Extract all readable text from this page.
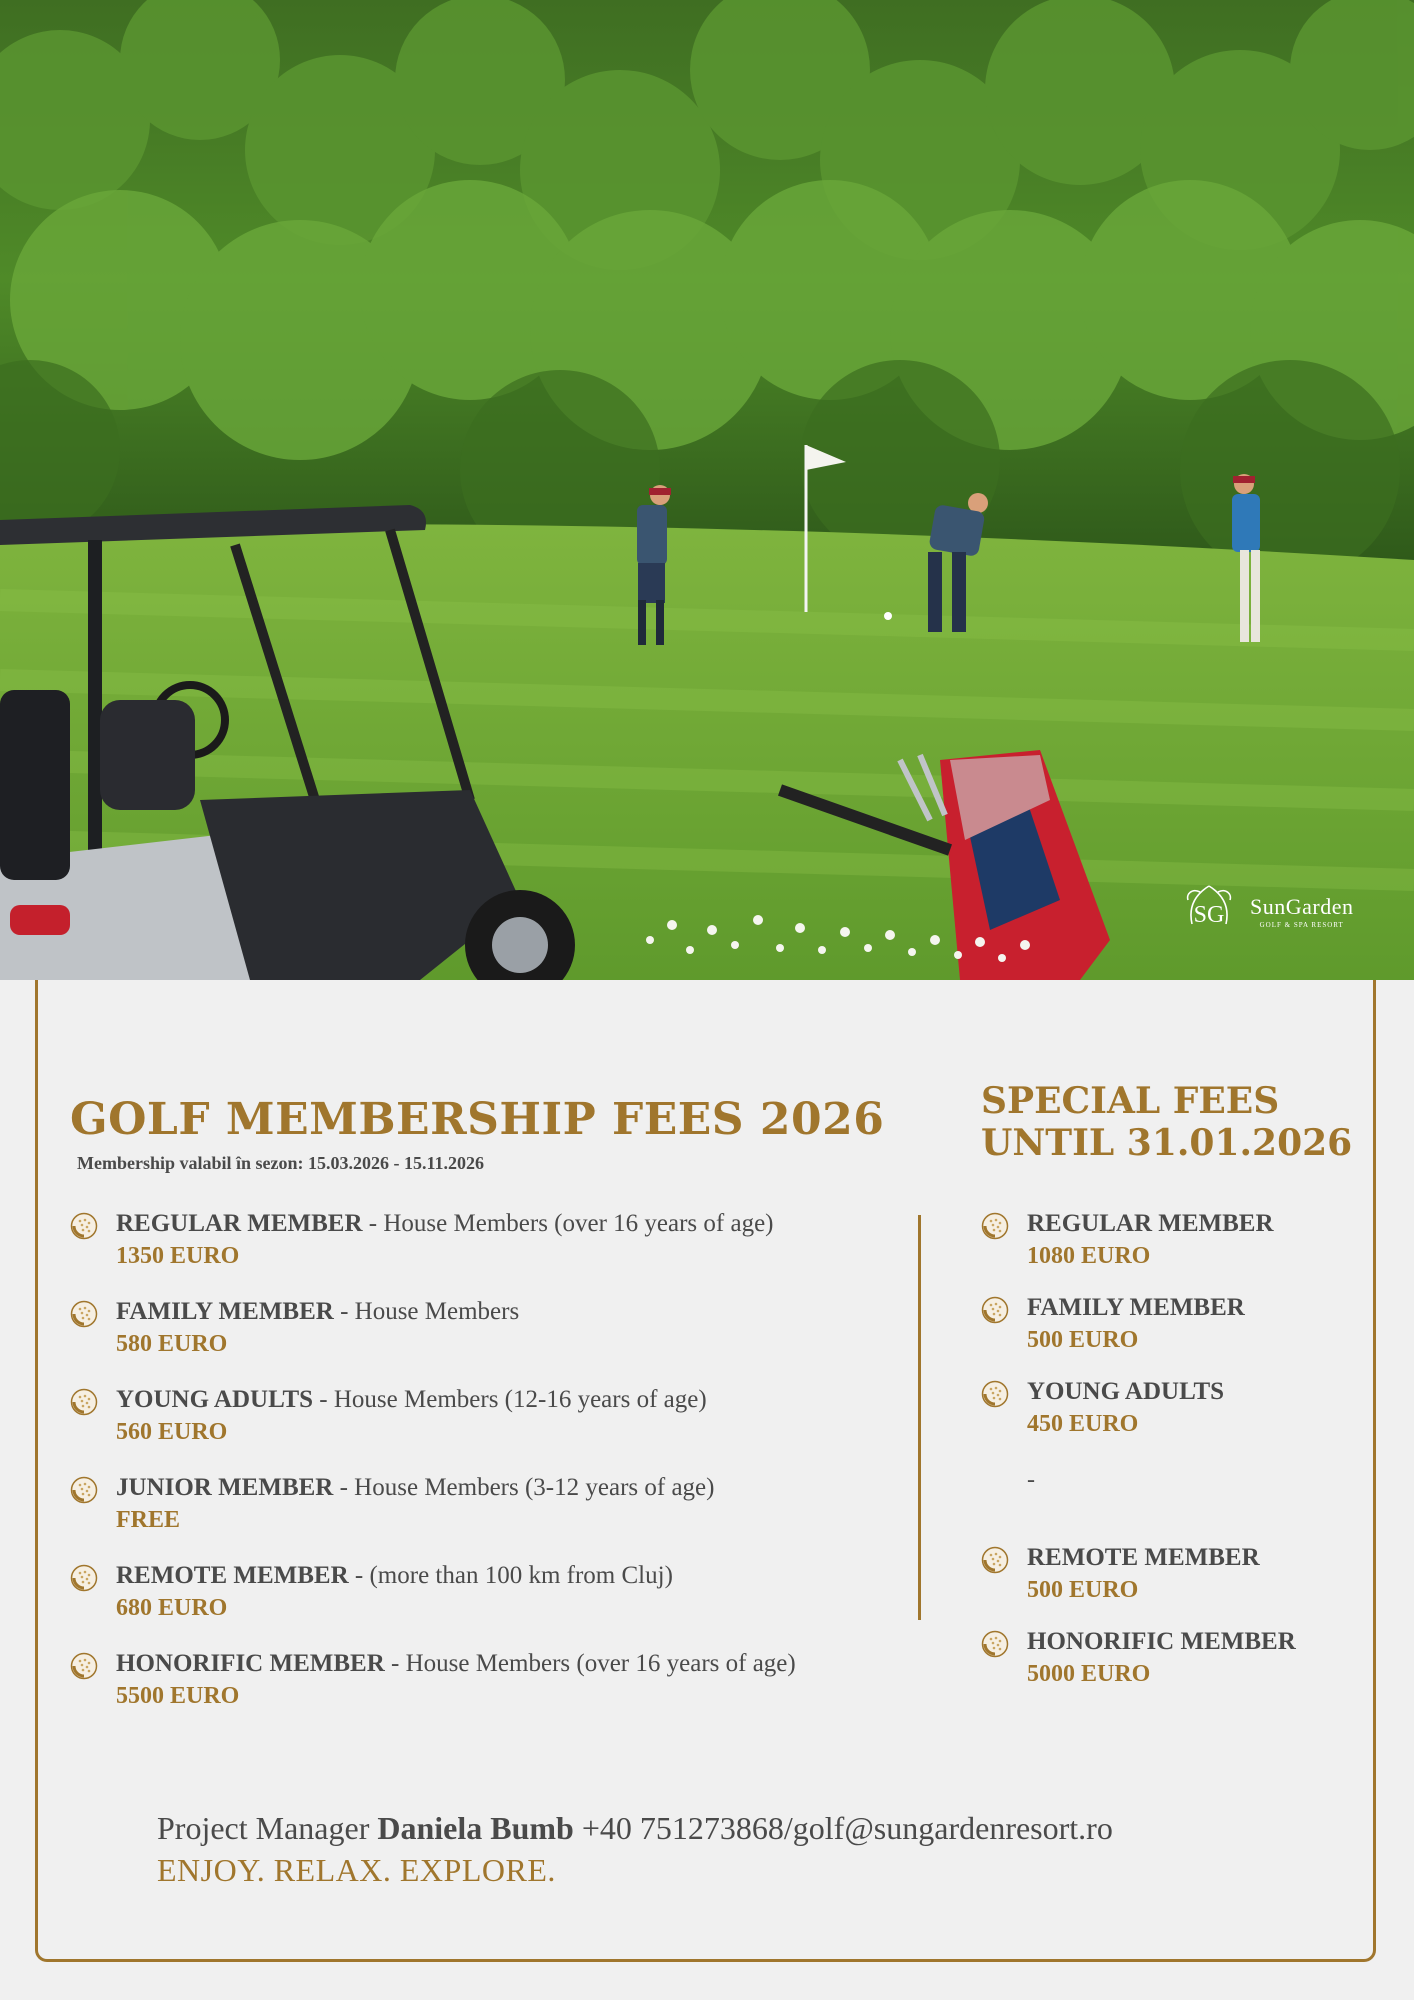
SG SunGarden
GOLF & SPA RESORT
GOLF MEMBERSHIP FEES 2026
Membership valabil în sezon: 15.03.2026 - 15.11.2026
SPECIAL FEES
UNTIL 31.01.2026
REGULAR MEMBER - House Members (over 16 years of age)
1350 EURO
FAMILY MEMBER - House Members
580 EURO
YOUNG ADULTS - House Members (12-16 years of age)
560 EURO
JUNIOR MEMBER - House Members (3-12 years of age)
FREE
REMOTE MEMBER - (more than 100 km from Cluj)
680 EURO
HONORIFIC MEMBER - House Members (over 16 years of age)
5500 EURO
REGULAR MEMBER
1080 EURO
FAMILY MEMBER
500 EURO
YOUNG ADULTS
450 EURO
-
REMOTE MEMBER
500 EURO
HONORIFIC MEMBER
5000 EURO
Project Manager Daniela Bumb +40 751273868/golf@sungardenresort.ro
ENJOY. RELAX. EXPLORE.
